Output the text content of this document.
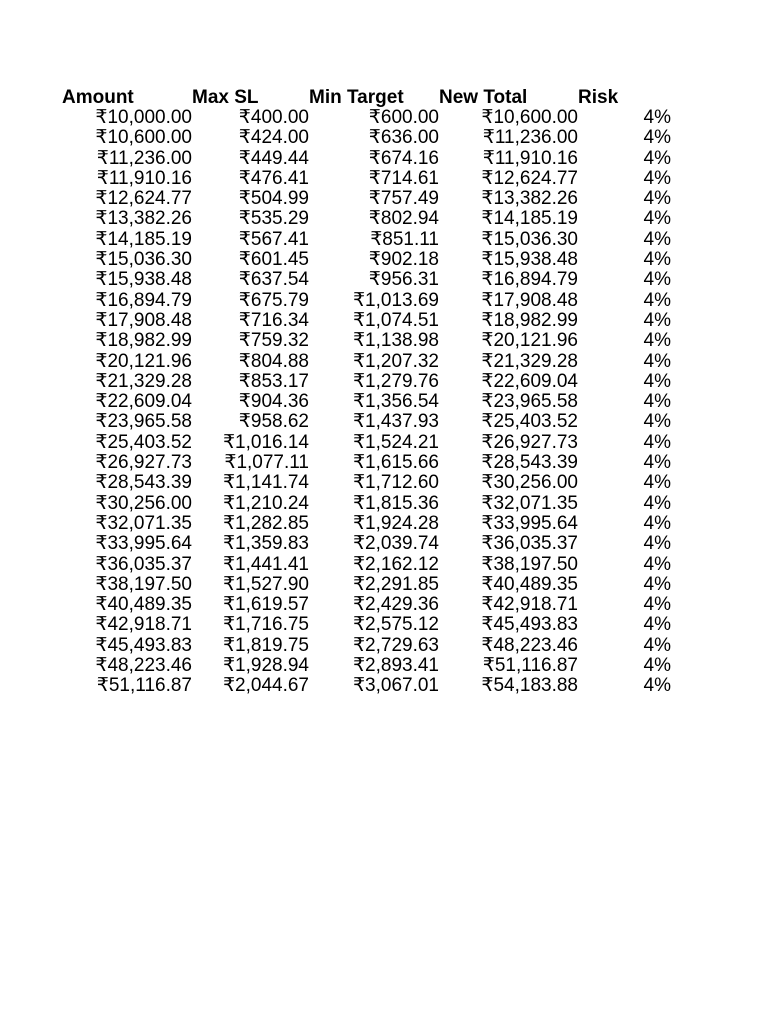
Amount	Max SL	Min Target	New Total	Risk
₹10,000.00	₹400.00	₹600.00	₹10,600.00	4%
₹10,600.00	₹424.00	₹636.00	₹11,236.00	4%
₹11,236.00	₹449.44	₹674.16	₹11,910.16	4%
₹11,910.16	₹476.41	₹714.61	₹12,624.77	4%
₹12,624.77	₹504.99	₹757.49	₹13,382.26	4%
₹13,382.26	₹535.29	₹802.94	₹14,185.19	4%
₹14,185.19	₹567.41	₹851.11	₹15,036.30	4%
₹15,036.30	₹601.45	₹902.18	₹15,938.48	4%
₹15,938.48	₹637.54	₹956.31	₹16,894.79	4%
₹16,894.79	₹675.79	₹1,013.69	₹17,908.48	4%
₹17,908.48	₹716.34	₹1,074.51	₹18,982.99	4%
₹18,982.99	₹759.32	₹1,138.98	₹20,121.96	4%
₹20,121.96	₹804.88	₹1,207.32	₹21,329.28	4%
₹21,329.28	₹853.17	₹1,279.76	₹22,609.04	4%
₹22,609.04	₹904.36	₹1,356.54	₹23,965.58	4%
₹23,965.58	₹958.62	₹1,437.93	₹25,403.52	4%
₹25,403.52	₹1,016.14	₹1,524.21	₹26,927.73	4%
₹26,927.73	₹1,077.11	₹1,615.66	₹28,543.39	4%
₹28,543.39	₹1,141.74	₹1,712.60	₹30,256.00	4%
₹30,256.00	₹1,210.24	₹1,815.36	₹32,071.35	4%
₹32,071.35	₹1,282.85	₹1,924.28	₹33,995.64	4%
₹33,995.64	₹1,359.83	₹2,039.74	₹36,035.37	4%
₹36,035.37	₹1,441.41	₹2,162.12	₹38,197.50	4%
₹38,197.50	₹1,527.90	₹2,291.85	₹40,489.35	4%
₹40,489.35	₹1,619.57	₹2,429.36	₹42,918.71	4%
₹42,918.71	₹1,716.75	₹2,575.12	₹45,493.83	4%
₹45,493.83	₹1,819.75	₹2,729.63	₹48,223.46	4%
₹48,223.46	₹1,928.94	₹2,893.41	₹51,116.87	4%
₹51,116.87	₹2,044.67	₹3,067.01	₹54,183.88	4%
